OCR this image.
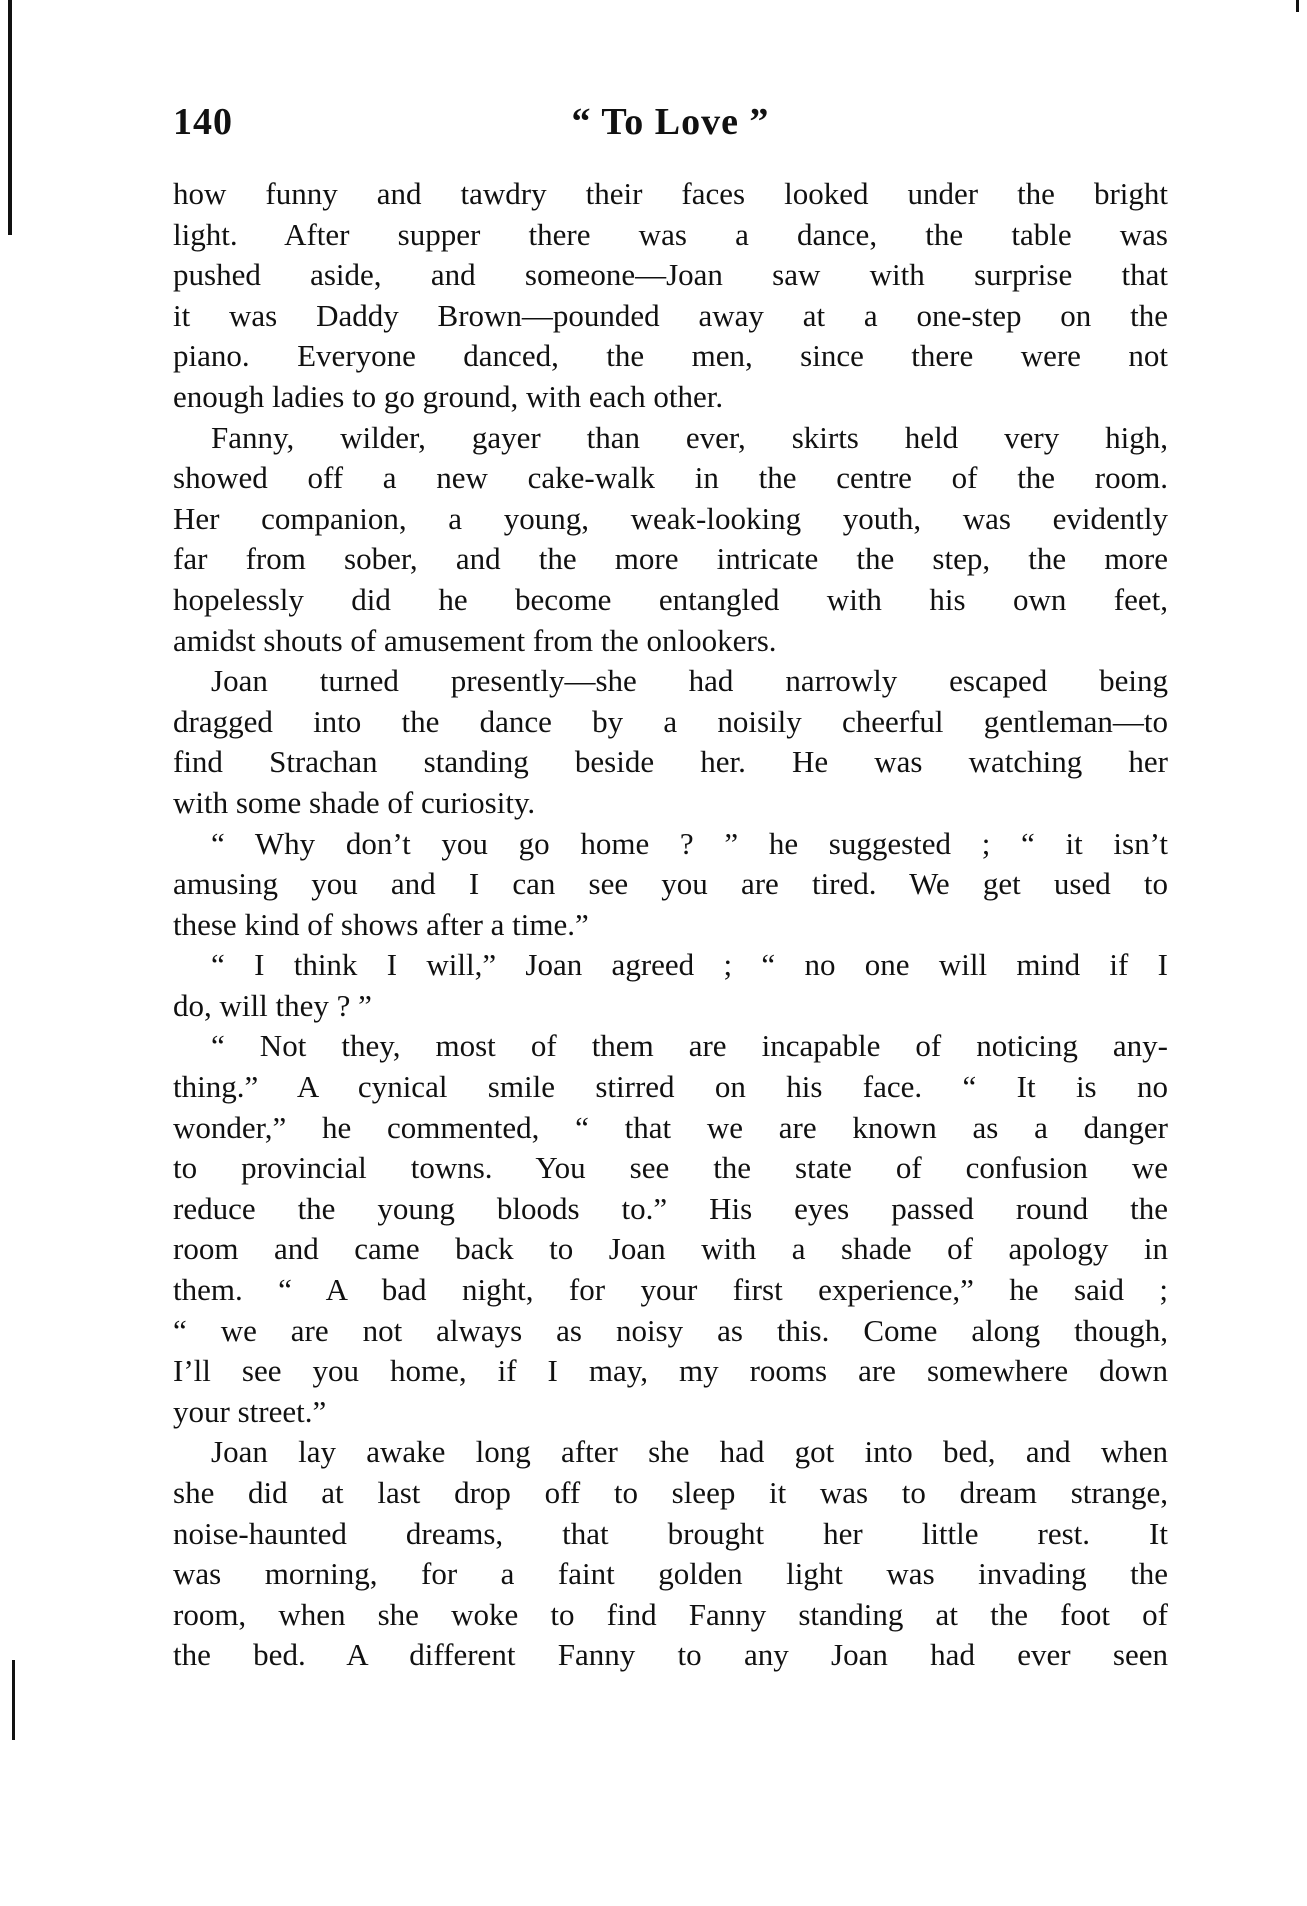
140	“ To Love ”
how funny and tawdry their faces looked under the bright
light. After supper there was a dance, the table was
pushed aside, and someone—Joan saw with surprise that
it was Daddy Brown—pounded away at a one-step on the
piano. Everyone danced, the men, since there were not
enough ladies to go ground, with each other.
Fanny, wilder, gayer than ever, skirts held very high,
showed off a new cake-walk in the centre of the room.
Her companion, a young, weak-looking youth, was evidently
far from sober, and the more intricate the step, the more
hopelessly did he become entangled with his own feet,
amidst shouts of amusement from the onlookers.
Joan turned presently—she had narrowly escaped being
dragged into the dance by a noisily cheerful gentleman—to
find Strachan standing beside her. He was watching her
with some shade of curiosity.
“ Why don’t you go home ? ” he suggested ; “ it isn’t
amusing you and I can see you are tired. We get used to
these kind of shows after a time.”
“ I think I will,” Joan agreed ; “ no one will mind if I
do, will they ? ”
“ Not they, most of them are incapable of noticing any-
thing.” A cynical smile stirred on his face. “ It is no
wonder,” he commented, “ that we are known as a danger
to provincial towns. You see the state of confusion we
reduce the young bloods to.” His eyes passed round the
room and came back to Joan with a shade of apology in
them. “ A bad night, for your first experience,” he said ;
“ we are not always as noisy as this. Come along though,
I’ll see you home, if I may, my rooms are somewhere down
your street.”
Joan lay awake long after she had got into bed, and when
she did at last drop off to sleep it was to dream strange,
noise-haunted dreams, that brought her little rest. It
was morning, for a faint golden light was invading the
room, when she woke to find Fanny standing at the foot of
the bed. A different Fanny to any Joan had ever seen
